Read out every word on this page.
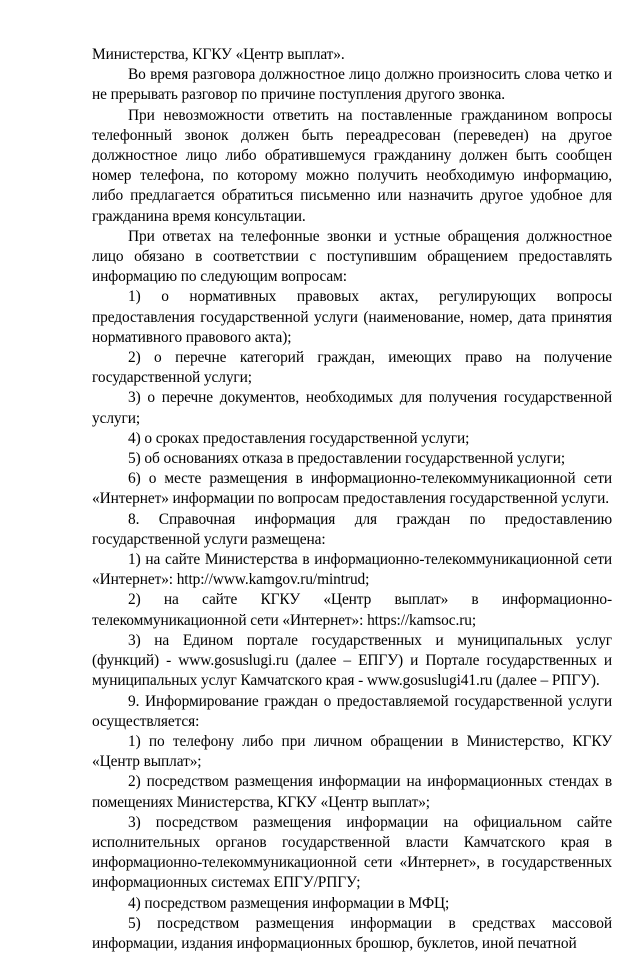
Министерства, КГКУ «Центр выплат».

Во время разговора должностное лицо должно произносить слова четко и не прерывать разговор по причине поступления другого звонка.

При невозможности ответить на поставленные гражданином вопросы телефонный звонок должен быть переадресован (переведен) на другое должностное лицо либо обратившемуся гражданину должен быть сообщен номер телефона, по которому можно получить необходимую информацию, либо предлагается обратиться письменно или назначить другое удобное для гражданина время консультации.

При ответах на телефонные звонки и устные обращения должностное лицо обязано в соответствии с поступившим обращением предоставлять информацию по следующим вопросам:

1) о нормативных правовых актах, регулирующих вопросы предоставления государственной услуги (наименование, номер, дата принятия нормативного правового акта);

2) о перечне категорий граждан, имеющих право на получение государственной услуги;

3) о перечне документов, необходимых для получения государственной услуги;

4) о сроках предоставления государственной услуги;

5) об основаниях отказа в предоставлении государственной услуги;

6) о месте размещения в информационно-телекоммуникационной сети «Интернет» информации по вопросам предоставления государственной услуги.

8. Справочная информация для граждан по предоставлению государственной услуги размещена:

1) на сайте Министерства в информационно-телекоммуникационной сети «Интернет»: http://www.kamgov.ru/mintrud;

2) на сайте КГКУ «Центр выплат» в информационно-телекоммуникационной сети «Интернет»: https://kamsoc.ru;

3) на Едином портале государственных и муниципальных услуг (функций) - www.gosuslugi.ru (далее – ЕПГУ) и Портале государственных и муниципальных услуг Камчатского края - www.gosuslugi41.ru (далее – РПГУ).

9. Информирование граждан о предоставляемой государственной услуги осуществляется:

1) по телефону либо при личном обращении в Министерство, КГКУ «Центр выплат»;

2) посредством размещения информации на информационных стендах в помещениях Министерства, КГКУ «Центр выплат»;

3) посредством размещения информации на официальном сайте исполнительных органов государственной власти Камчатского края в информационно-телекоммуникационной сети «Интернет», в государственных информационных системах ЕПГУ/РПГУ;

4) посредством размещения информации в МФЦ;

5) посредством размещения информации в средствах массовой информации, издания информационных брошюр, буклетов, иной печатной
